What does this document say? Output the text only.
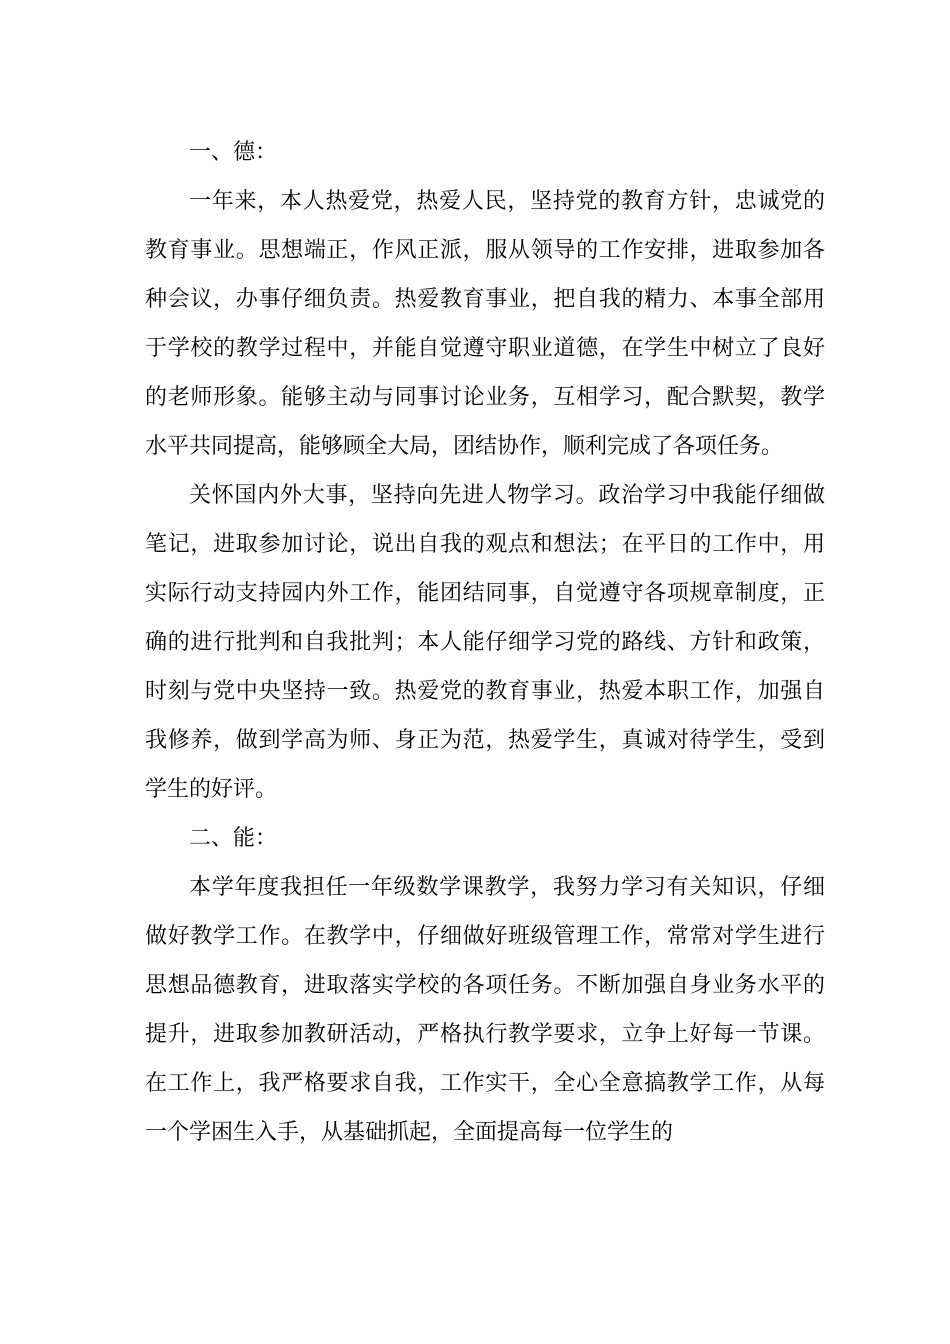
一、德：

一年来，本人热爱党，热爱人民，坚持党的教育方针，忠诚党的教育事业。思想端正，作风正派，服从领导的工作安排，进取参加各种会议，办事仔细负责。热爱教育事业，把自我的精力、本事全部用于学校的教学过程中，并能自觉遵守职业道德，在学生中树立了良好的老师形象。能够主动与同事讨论业务，互相学习，配合默契，教学水平共同提高，能够顾全大局，团结协作，顺利完成了各项任务。

关怀国内外大事，坚持向先进人物学习。政治学习中我能仔细做笔记，进取参加讨论，说出自我的观点和想法；在平日的工作中，用实际行动支持园内外工作，能团结同事，自觉遵守各项规章制度，正确的进行批判和自我批判；本人能仔细学习党的路线、方针和政策，时刻与党中央坚持一致。热爱党的教育事业，热爱本职工作，加强自我修养，做到学高为师、身正为范，热爱学生，真诚对待学生，受到学生的好评。

二、能：

本学年度我担任一年级数学课教学，我努力学习有关知识，仔细做好教学工作。在教学中，仔细做好班级管理工作，常常对学生进行思想品德教育，进取落实学校的各项任务。不断加强自身业务水平的提升，进取参加教研活动，严格执行教学要求，立争上好每一节课。在工作上，我严格要求自我，工作实干，全心全意搞教学工作，从每一个学困生入手，从基础抓起，全面提高每一位学生的
